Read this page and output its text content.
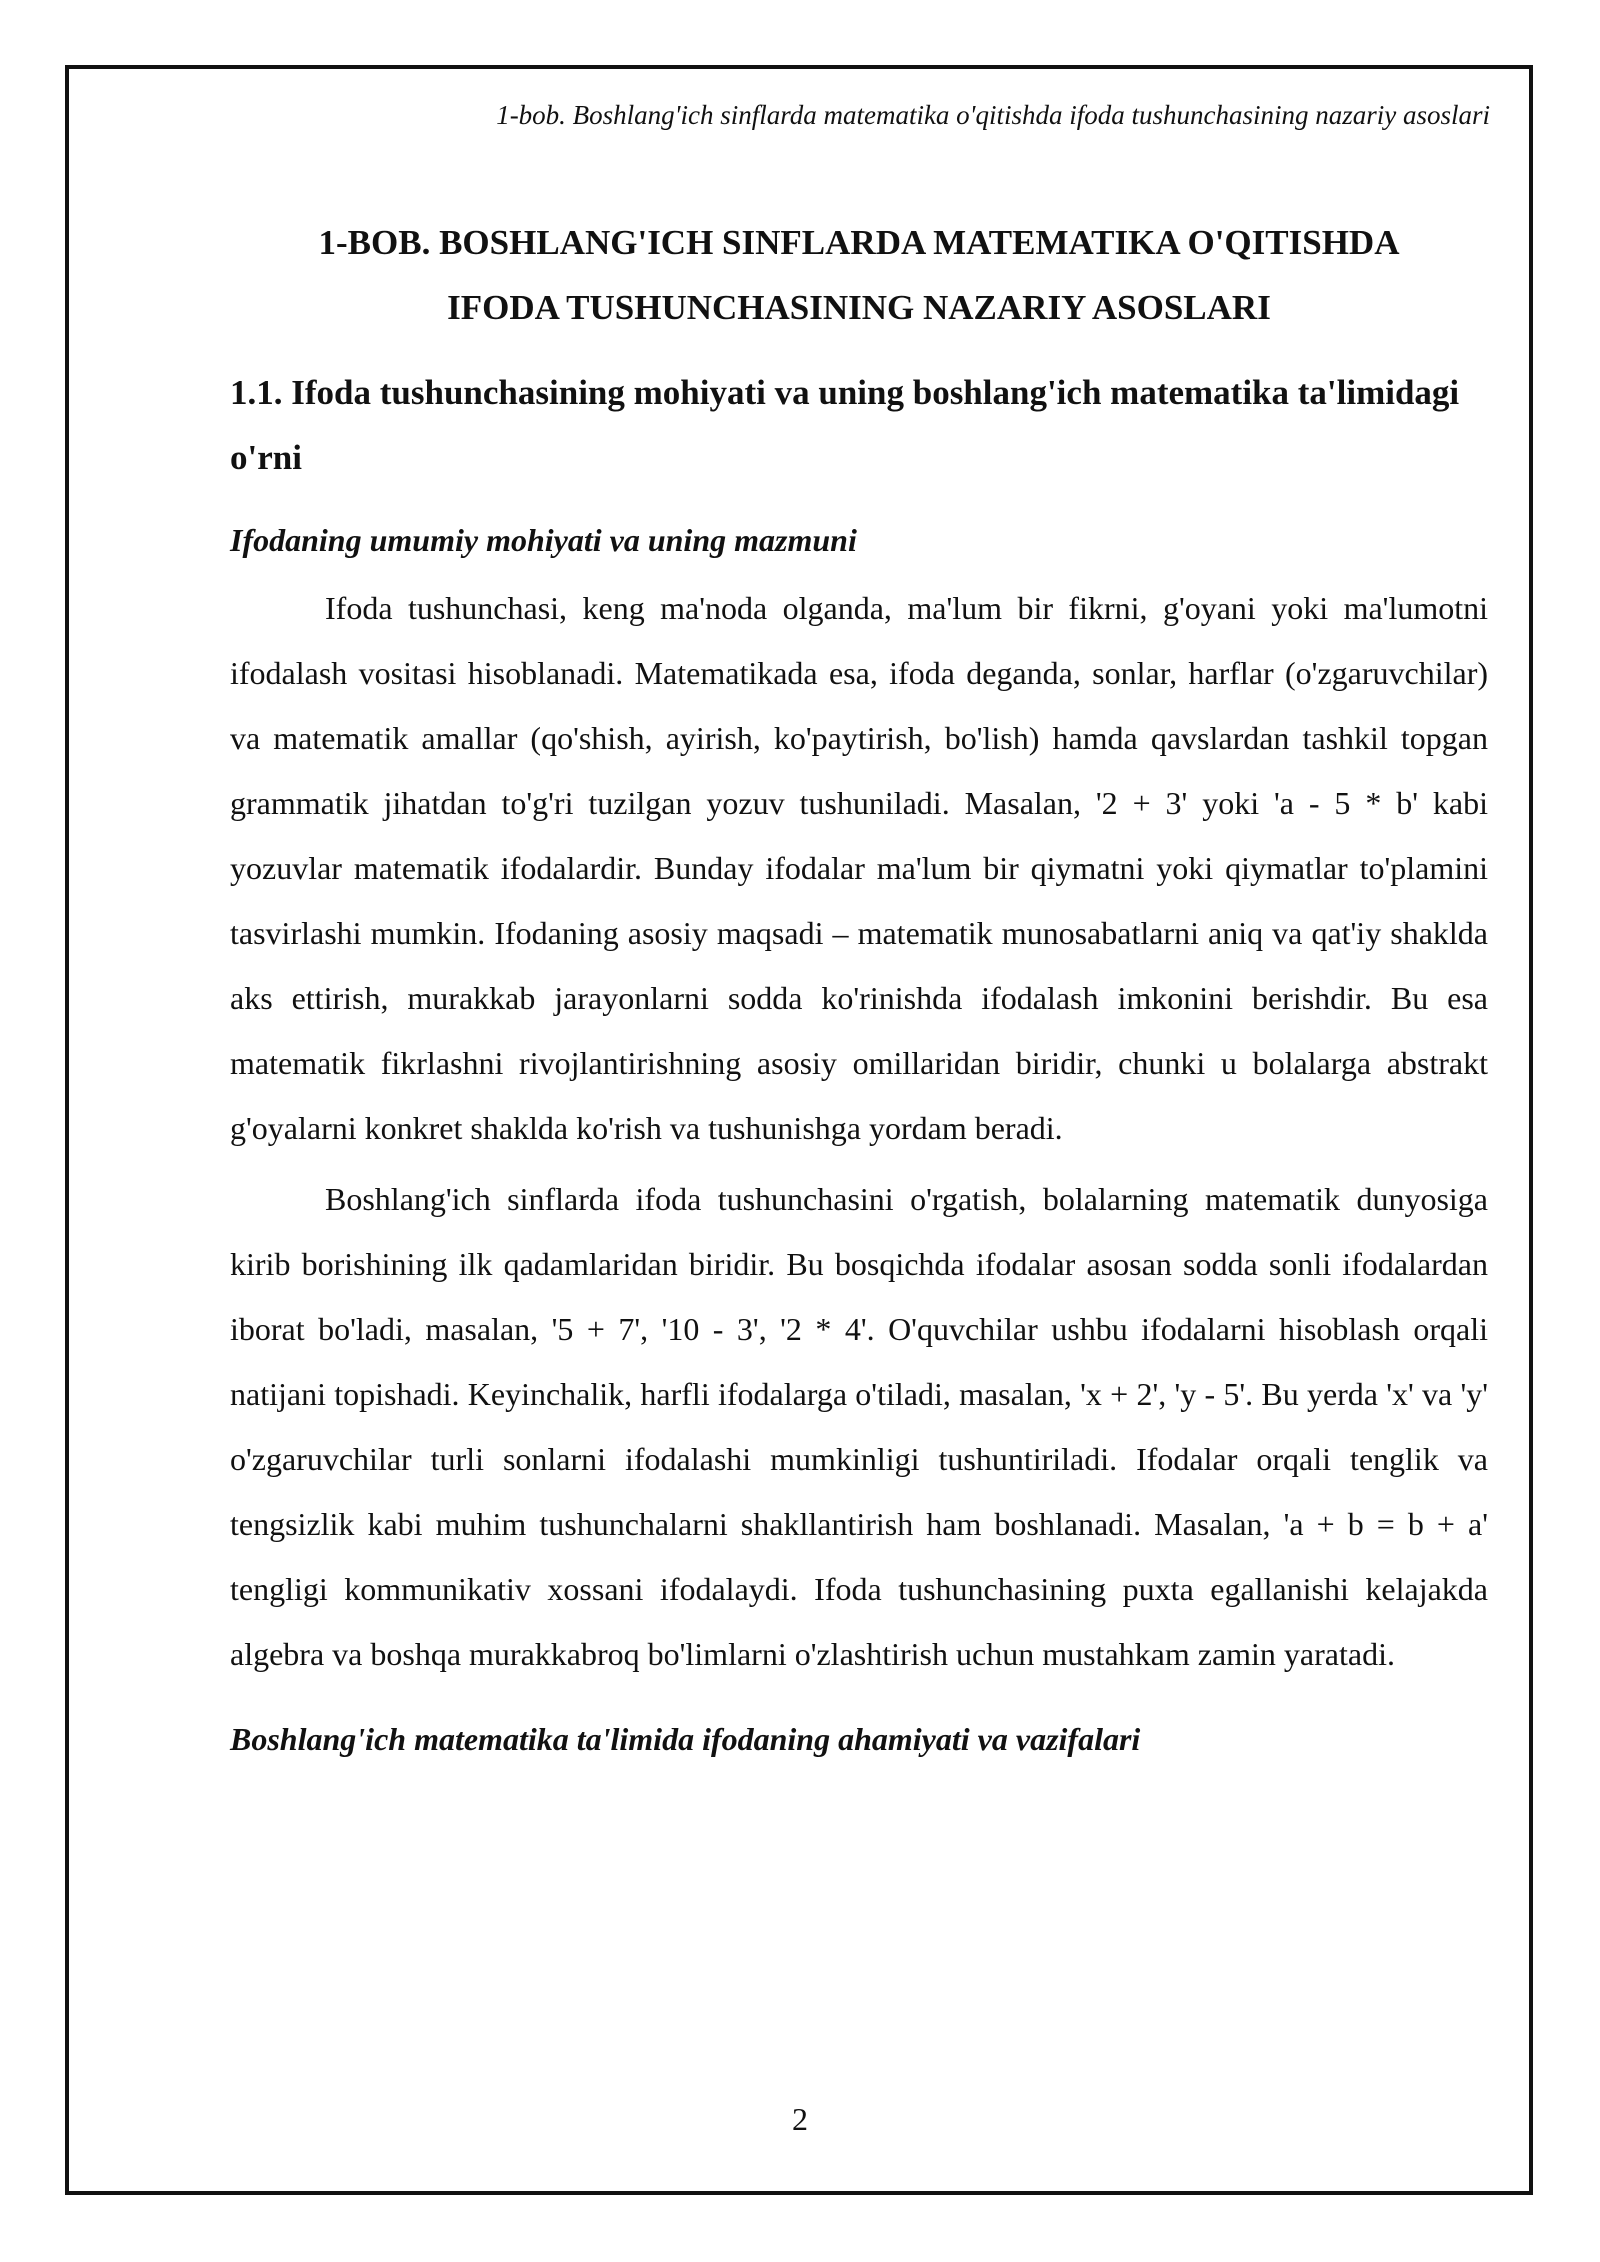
1-bob. Boshlang'ich sinflarda matematika o'qitishda ifoda tushunchasining nazariy asoslari
1-BOB. BOSHLANG'ICH SINFLARDA MATEMATIKA O'QITISHDA
IFODA TUSHUNCHASINING NAZARIY ASOSLARI
1.1. Ifoda tushunchasining mohiyati va uning boshlang'ich matematika ta'limidagi o'rni
Ifodaning umumiy mohiyati va uning mazmuni

Ifoda tushunchasi, keng ma'noda olganda, ma'lum bir fikrni, g'oyani yoki ma'lumotni ifodalash vositasi hisoblanadi. Matematikada esa, ifoda deganda, sonlar, harflar (o'zgaruvchilar) va matematik amallar (qo'shish, ayirish, ko'paytirish, bo'lish) hamda qavslardan tashkil topgan grammatik jihatdan to'g'ri tuzilgan yozuv tushuniladi. Masalan, '2 + 3' yoki 'a - 5 * b' kabi yozuvlar matematik ifodalardir. Bunday ifodalar ma'lum bir qiymatni yoki qiymatlar to'plamini tasvirlashi mumkin. Ifodaning asosiy maqsadi – matematik munosabatlarni aniq va qat'iy shaklda aks ettirish, murakkab jarayonlarni sodda ko'rinishda ifodalash imkonini berishdir. Bu esa matematik fikrlashni rivojlantirishning asosiy omillaridan biridir, chunki u bolalarga abstrakt g'oyalarni konkret shaklda ko'rish va tushunishga yordam beradi.

Boshlang'ich sinflarda ifoda tushunchasini o'rgatish, bolalarning matematik dunyosiga kirib borishining ilk qadamlaridan biridir. Bu bosqichda ifodalar asosan sodda sonli ifodalardan iborat bo'ladi, masalan, '5 + 7', '10 - 3', '2 * 4'. O'quvchilar ushbu ifodalarni hisoblash orqali natijani topishadi. Keyinchalik, harfli ifodalarga o'tiladi, masalan, 'x + 2', 'y - 5'. Bu yerda 'x' va 'y' o'zgaruvchilar turli sonlarni ifodalashi mumkinligi tushuntiriladi. Ifodalar orqali tenglik va tengsizlik kabi muhim tushunchalarni shakllantirish ham boshlanadi. Masalan, 'a + b = b + a' tengligi kommunikativ xossani ifodalaydi. Ifoda tushunchasining puxta egallanishi kelajakda algebra va boshqa murakkabroq bo'limlarni o'zlashtirish uchun mustahkam zamin yaratadi.

Boshlang'ich matematika ta'limida ifodaning ahamiyati va vazifalari
2
